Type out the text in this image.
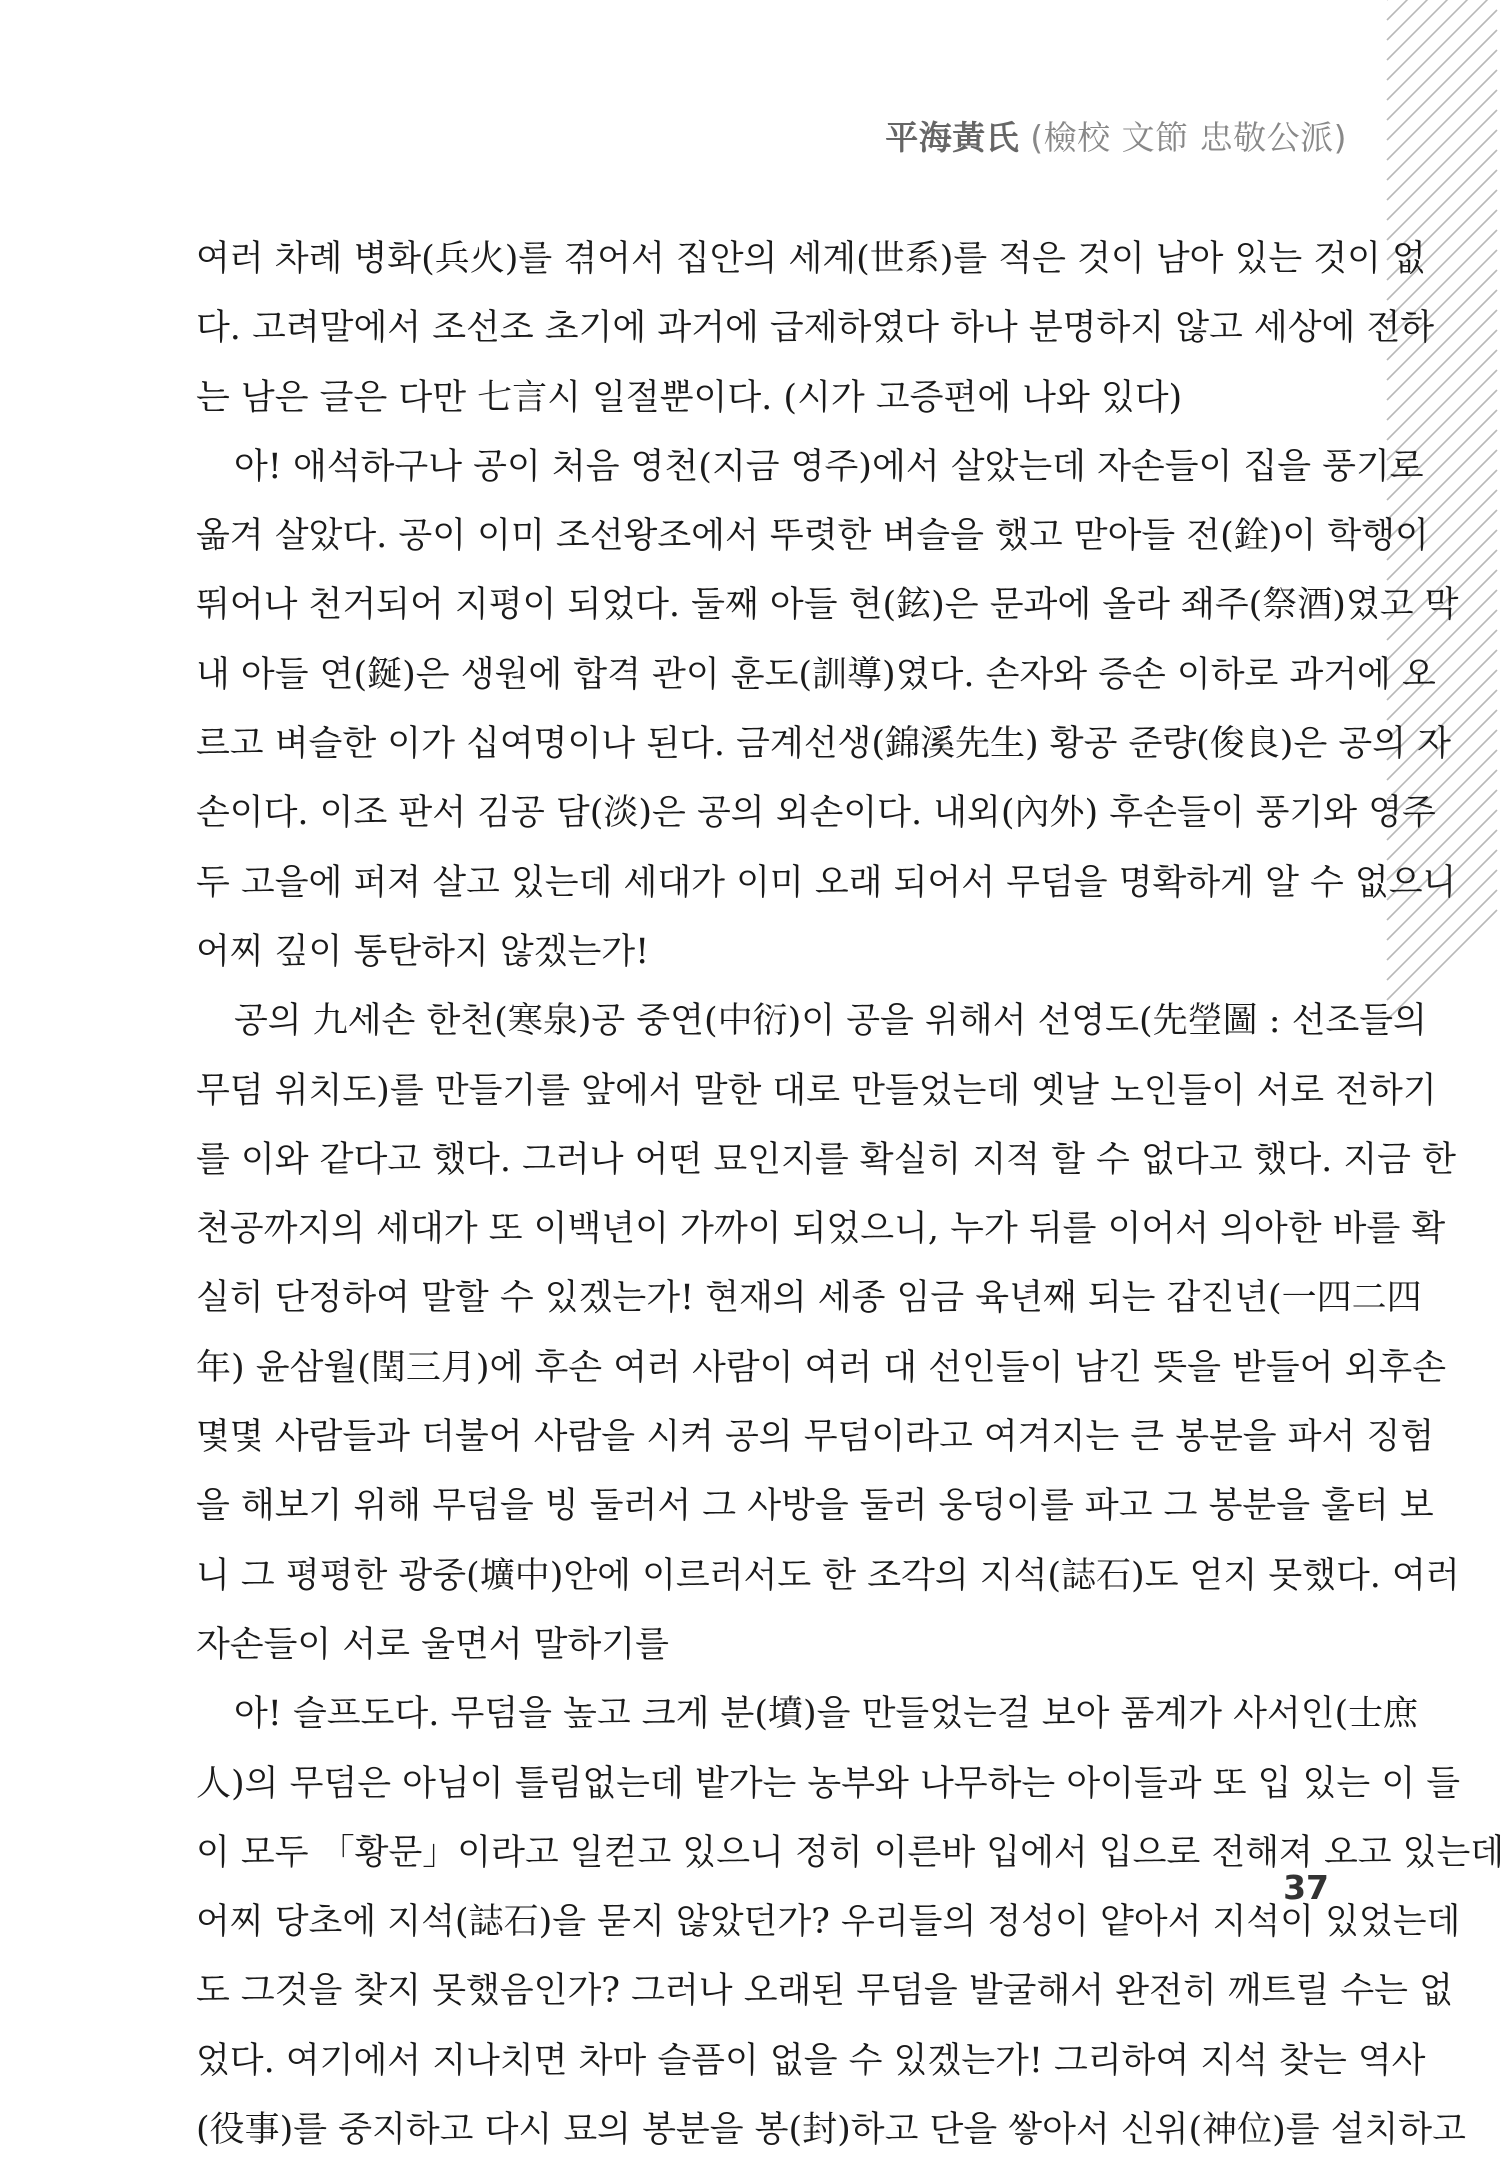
平海黃氏 (檢校 文節 忠敬公派)
여러 차례 병화(兵火)를 겪어서 집안의 세계(世系)를 적은 것이 남아 있는 것이 없
다. 고려말에서 조선조 초기에 과거에 급제하였다 하나 분명하지 않고 세상에 전하
는 남은 글은 다만 七言시 일절뿐이다. (시가 고증편에 나와 있다)
아! 애석하구나 공이 처음 영천(지금 영주)에서 살았는데 자손들이 집을 풍기로
옮겨 살았다. 공이 이미 조선왕조에서 뚜렷한 벼슬을 했고 맏아들 전(銓)이 학행이
뛰어나 천거되어 지평이 되었다. 둘째 아들 현(鉉)은 문과에 올라 좨주(祭酒)였고 막
내 아들 연(鋋)은 생원에 합격 관이 훈도(訓導)였다. 손자와 증손 이하로 과거에 오
르고 벼슬한 이가 십여명이나 된다. 금계선생(錦溪先生) 황공 준량(俊良)은 공의 자
손이다. 이조 판서 김공 담(淡)은 공의 외손이다. 내외(內外) 후손들이 풍기와 영주
두 고을에 퍼져 살고 있는데 세대가 이미 오래 되어서 무덤을 명확하게 알 수 없으니
어찌 깊이 통탄하지 않겠는가!
공의 九세손 한천(寒泉)공 중연(中衍)이 공을 위해서 선영도(先塋圖 : 선조들의
무덤 위치도)를 만들기를 앞에서 말한 대로 만들었는데 옛날 노인들이 서로 전하기
를 이와 같다고 했다. 그러나 어떤 묘인지를 확실히 지적 할 수 없다고 했다. 지금 한
천공까지의 세대가 또 이백년이 가까이 되었으니, 누가 뒤를 이어서 의아한 바를 확
실히 단정하여 말할 수 있겠는가! 현재의 세종 임금 육년째 되는 갑진년(一四二四
年) 윤삼월(閏三月)에 후손 여러 사람이 여러 대 선인들이 남긴 뜻을 받들어 외후손
몇몇 사람들과 더불어 사람을 시켜 공의 무덤이라고 여겨지는 큰 봉분을 파서 징험
을 해보기 위해 무덤을 빙 둘러서 그 사방을 둘러 웅덩이를 파고 그 봉분을 훌터 보
니 그 평평한 광중(壙中)안에 이르러서도 한 조각의 지석(誌石)도 얻지 못했다. 여러
자손들이 서로 울면서 말하기를
아! 슬프도다. 무덤을 높고 크게 분(墳)을 만들었는걸 보아 품계가 사서인(士庶
人)의 무덤은 아님이 틀림없는데 밭가는 농부와 나무하는 아이들과 또 입 있는 이 들
이 모두 「황문」이라고 일컫고 있으니 정히 이른바 입에서 입으로 전해져 오고 있는데
어찌 당초에 지석(誌石)을 묻지 않았던가? 우리들의 정성이 얕아서 지석이 있었는데
도 그것을 찾지 못했음인가? 그러나 오래된 무덤을 발굴해서 완전히 깨트릴 수는 없
었다. 여기에서 지나치면 차마 슬픔이 없을 수 있겠는가! 그리하여 지석 찾는 역사
(役事)를 중지하고 다시 묘의 봉분을 봉(封)하고 단을 쌓아서 신위(神位)를 설치하고
37
